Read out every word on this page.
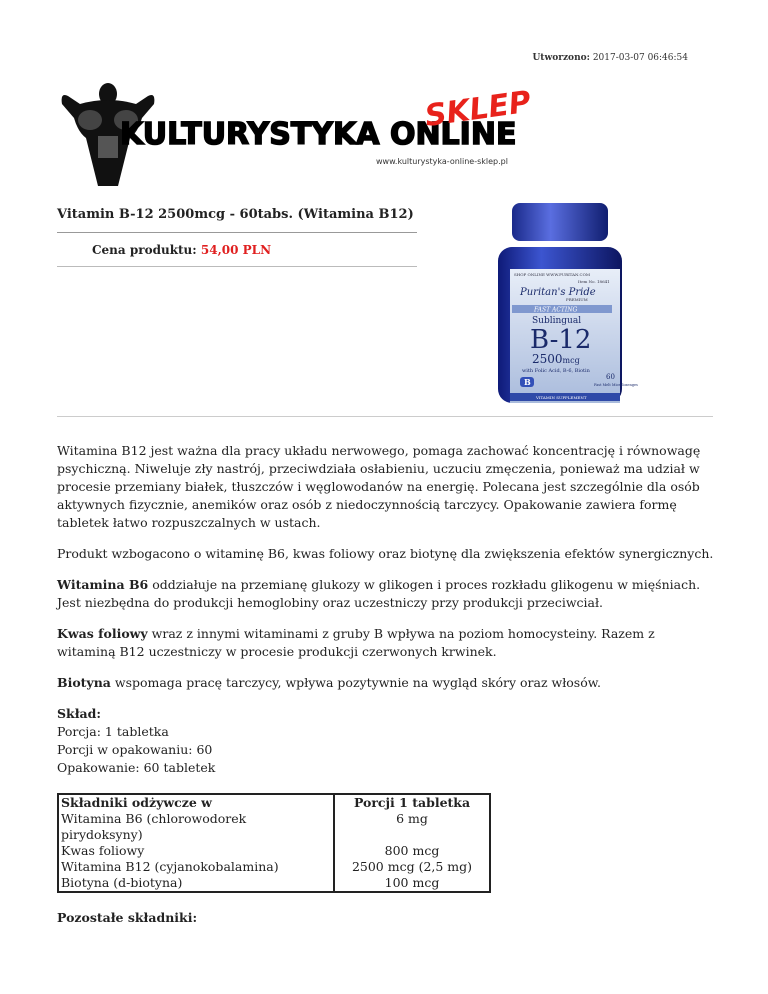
Utworzono: 2017-03-07 06:46:54
KULTURYSTYKA ONLINE
SKLEP
www.kulturystyka-online-sklep.pl
Vitamin B-12 2500mcg - 60tabs. (Witamina B12)
Cena produktu: 54,00 PLN
SHOP ONLINE WWW.PURITAN.COM
Item No. 18641
Puritan's Pride
PREMIUM
FAST ACTING
Sublingual
B-12
2500mcg
with Folic Acid, B-6, Biotin
60
Fast Melt Microlozenges
B
VITAMIN SUPPLEMENT

Witamina B12 jest ważna dla pracy układu nerwowego, pomaga zachować koncentrację i równowagę psychiczną. Niweluje zły nastrój, przeciwdziała osłabieniu, uczuciu zmęczenia, ponieważ ma udział w procesie przemiany białek, tłuszczów i węglowodanów na energię. Polecana jest szczególnie dla osób aktywnych fizycznie, anemików oraz osób z niedoczynnością tarczycy. Opakowanie zawiera formę tabletek łatwo rozpuszczalnych w ustach.

Produkt wzbogacono o witaminę B6, kwas foliowy oraz biotynę dla zwiększenia efektów synergicznych.

Witamina B6 oddziałuje na przemianę glukozy w glikogen i proces rozkładu glikogenu w mięśniach. Jest niezbędna do produkcji hemoglobiny oraz uczestniczy przy produkcji przeciwciał.

Kwas foliowy wraz z innymi witaminami z gruby B wpływa na poziom homocysteiny. Razem z witaminą B12 uczestniczy w procesie produkcji czerwonych krwinek.

Biotyna wspomaga pracę tarczycy, wpływa pozytywnie na wygląd skóry oraz włosów.

Skład:
Porcja: 1 tabletka
Porcji w opakowaniu: 60
Opakowanie: 60 tabletek
Składniki odżywcze w	Porcji 1 tabletka
Witamina B6 (chlorowodorek pirydoksyny)	6 mg
Kwas foliowy	800 mcg
Witamina B12 (cyjanokobalamina)	2500 mcg (2,5 mg)
Biotyna (d-biotyna)	100 mcg
Pozostałe składniki:
